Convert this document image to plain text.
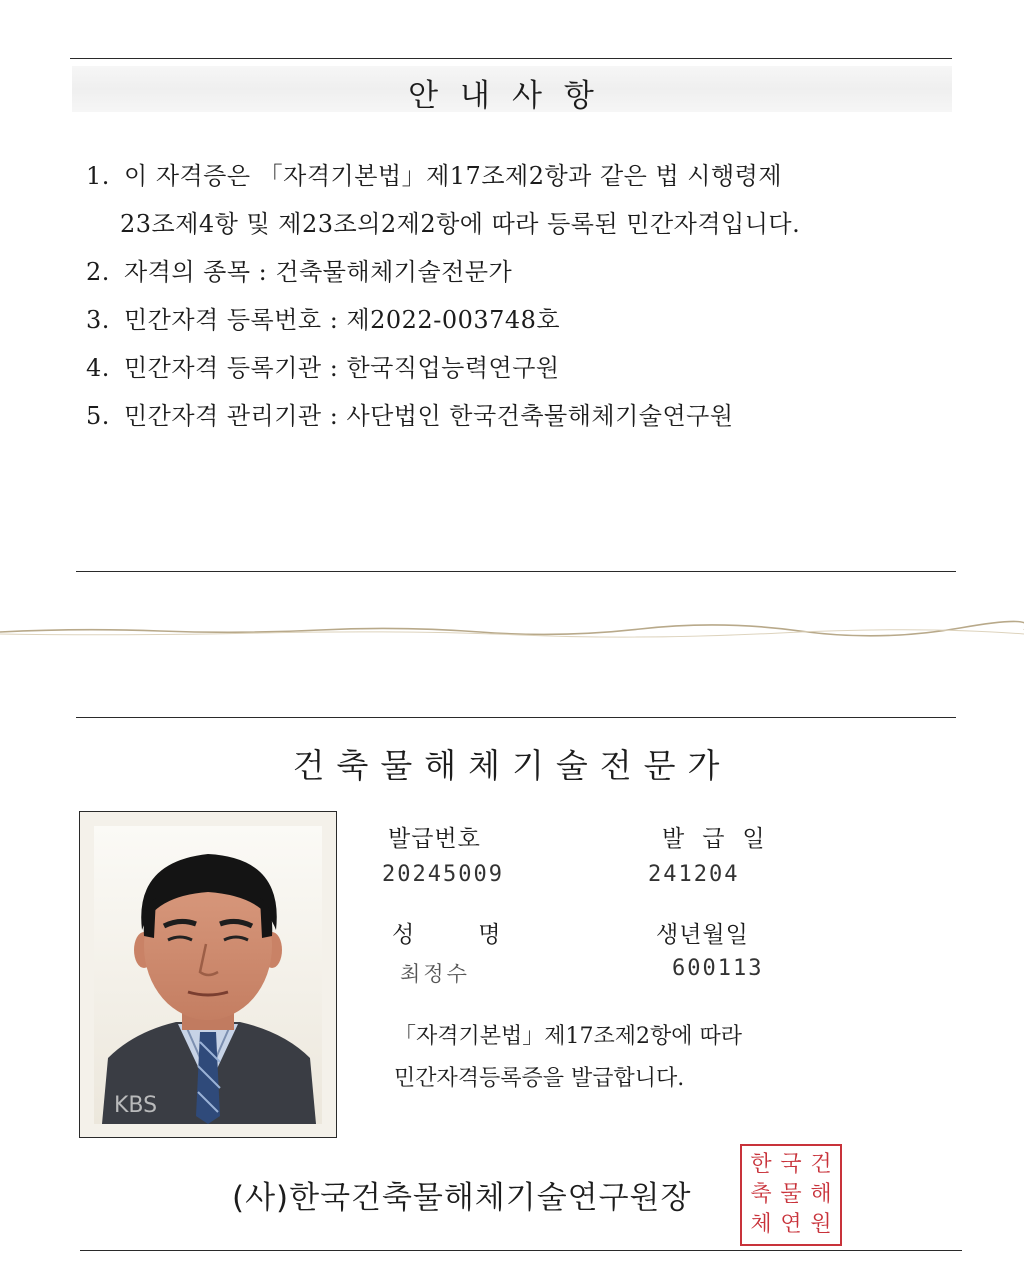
안내사항
1. 이 자격증은 「자격기본법」제17조제2항과 같은 법 시행령제
23조제4항 및 제23조의2제2항에 따라 등록된 민간자격입니다.
2. 자격의 종목 : 건축물해체기술전문가
3. 민간자격 등록번호 : 제2022-003748호
4. 민간자격 등록기관 : 한국직업능력연구원
5. 민간자격 관리기관 : 사단법인 한국건축물해체기술연구원
건축물해체기술전문가
KBS
발급번호	발급일
20245009	241204
성명	생년월일
최정수	600113
「자격기본법」제17조제2항에 따라
민간자격등록증을 발급합니다.
(사)한국건축물해체기술연구원장
한 국 건
축 물 해
체 연 원
